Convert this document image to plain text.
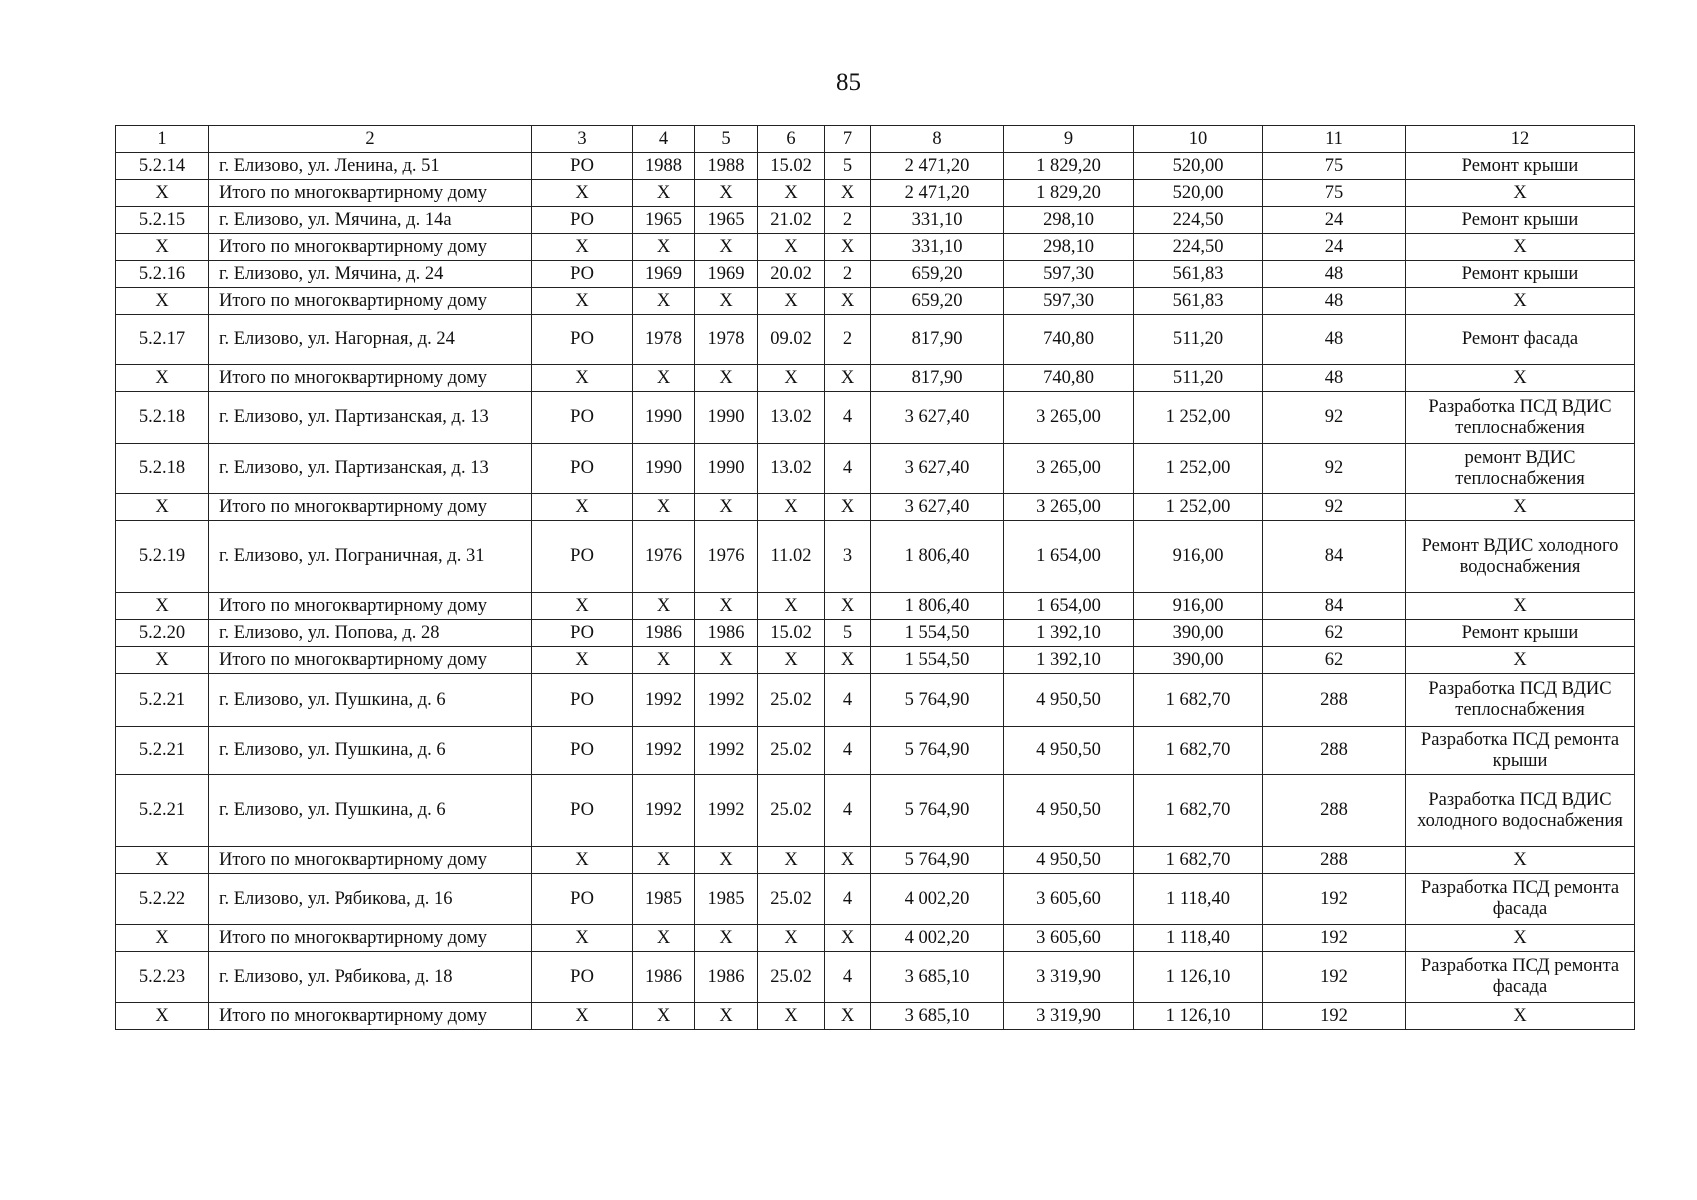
85
1	2	3	4	5	6	7	8	9	10	11	12
5.2.14	г. Елизово, ул. Ленина, д. 51	РО	1988	1988	15.02	5	2 471,20	1 829,20	520,00	75	Ремонт крыши
Х	Итого по многоквартирному дому	Х	Х	Х	Х	Х	2 471,20	1 829,20	520,00	75	Х
5.2.15	г. Елизово, ул. Мячина, д. 14а	РО	1965	1965	21.02	2	331,10	298,10	224,50	24	Ремонт крыши
Х	Итого по многоквартирному дому	Х	Х	Х	Х	Х	331,10	298,10	224,50	24	Х
5.2.16	г. Елизово, ул. Мячина, д. 24	РО	1969	1969	20.02	2	659,20	597,30	561,83	48	Ремонт крыши
Х	Итого по многоквартирному дому	Х	Х	Х	Х	Х	659,20	597,30	561,83	48	Х
5.2.17	г. Елизово, ул. Нагорная, д. 24	РО	1978	1978	09.02	2	817,90	740,80	511,20	48	Ремонт фасада
Х	Итого по многоквартирному дому	Х	Х	Х	Х	Х	817,90	740,80	511,20	48	Х
5.2.18	г. Елизово, ул. Партизанская, д. 13	РО	1990	1990	13.02	4	3 627,40	3 265,00	1 252,00	92	Разработка ПСД ВДИС теплоснабжения
5.2.18	г. Елизово, ул. Партизанская, д. 13	РО	1990	1990	13.02	4	3 627,40	3 265,00	1 252,00	92	ремонт ВДИС теплоснабжения
Х	Итого по многоквартирному дому	Х	Х	Х	Х	Х	3 627,40	3 265,00	1 252,00	92	Х
5.2.19	г. Елизово, ул. Пограничная, д. 31	РО	1976	1976	11.02	3	1 806,40	1 654,00	916,00	84	Ремонт ВДИС холодного водоснабжения
Х	Итого по многоквартирному дому	Х	Х	Х	Х	Х	1 806,40	1 654,00	916,00	84	Х
5.2.20	г. Елизово, ул. Попова, д. 28	РО	1986	1986	15.02	5	1 554,50	1 392,10	390,00	62	Ремонт крыши
Х	Итого по многоквартирному дому	Х	Х	Х	Х	Х	1 554,50	1 392,10	390,00	62	Х
5.2.21	г. Елизово, ул. Пушкина, д. 6	РО	1992	1992	25.02	4	5 764,90	4 950,50	1 682,70	288	Разработка ПСД ВДИС теплоснабжения
5.2.21	г. Елизово, ул. Пушкина, д. 6	РО	1992	1992	25.02	4	5 764,90	4 950,50	1 682,70	288	Разработка ПСД ремонта крыши
5.2.21	г. Елизово, ул. Пушкина, д. 6	РО	1992	1992	25.02	4	5 764,90	4 950,50	1 682,70	288	Разработка ПСД ВДИС холодного водоснабжения
Х	Итого по многоквартирному дому	Х	Х	Х	Х	Х	5 764,90	4 950,50	1 682,70	288	Х
5.2.22	г. Елизово, ул. Рябикова, д. 16	РО	1985	1985	25.02	4	4 002,20	3 605,60	1 118,40	192	Разработка ПСД ремонта фасада
Х	Итого по многоквартирному дому	Х	Х	Х	Х	Х	4 002,20	3 605,60	1 118,40	192	Х
5.2.23	г. Елизово, ул. Рябикова, д. 18	РО	1986	1986	25.02	4	3 685,10	3 319,90	1 126,10	192	Разработка ПСД ремонта фасада
Х	Итого по многоквартирному дому	Х	Х	Х	Х	Х	3 685,10	3 319,90	1 126,10	192	Х
